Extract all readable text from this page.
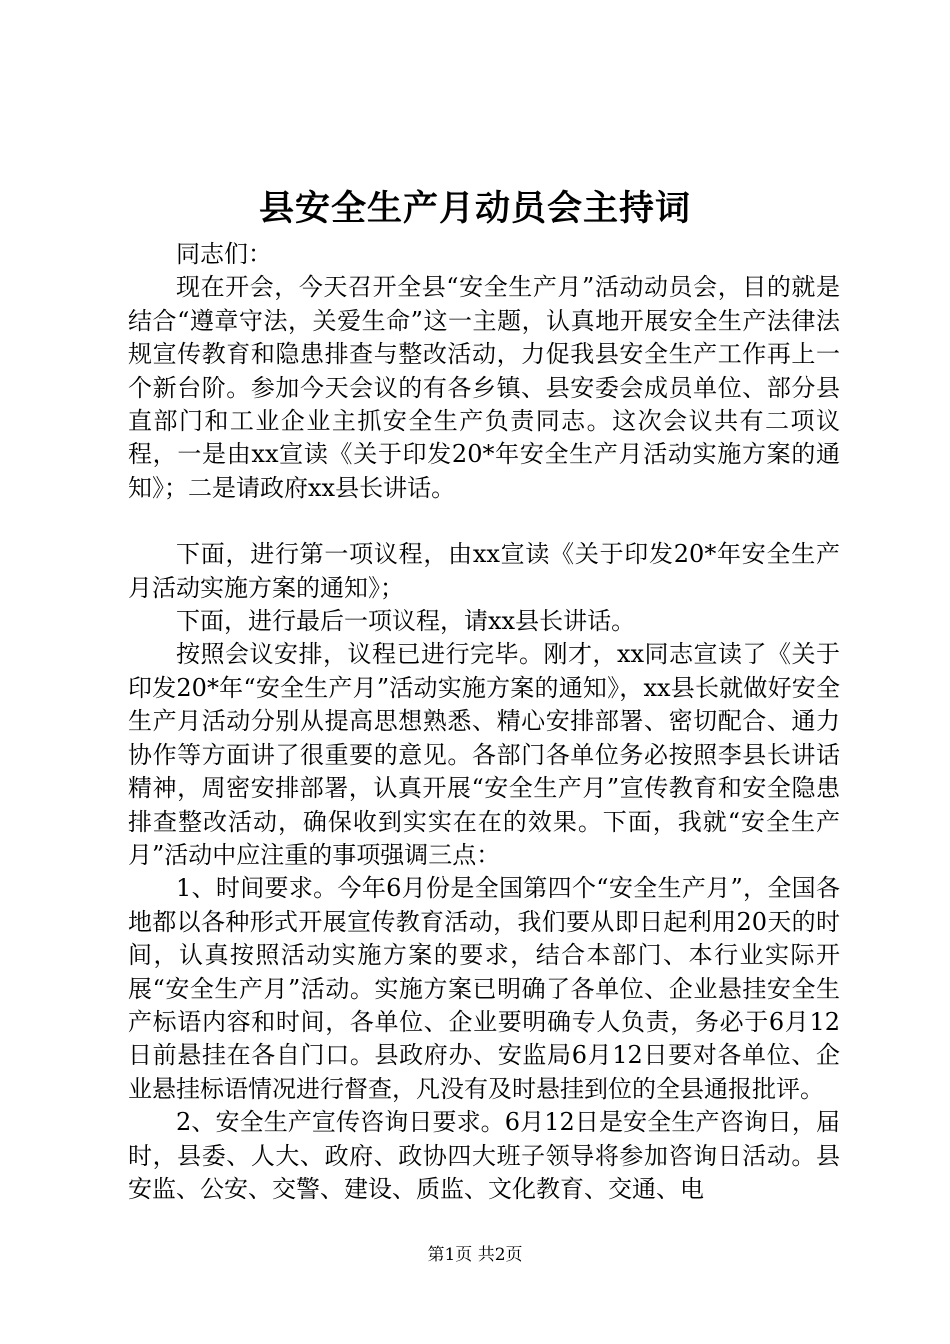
县安全生产月动员会主持词

同志们：

现在开会，今天召开全县“安全生产月”活动动员会，目的就是结合“遵章守法，关爱生命”这一主题，认真地开展安全生产法律法规宣传教育和隐患排查与整改活动，力促我县安全生产工作再上一个新台阶。参加今天会议的有各乡镇、县安委会成员单位、部分县直部门和工业企业主抓安全生产负责同志。这次会议共有二项议程，一是由xx宣读《关于印发20*年安全生产月活动实施方案的通知》；二是请政府xx县长讲话。

下面，进行第一项议程，由xx宣读《关于印发20*年安全生产月活动实施方案的通知》；

下面，进行最后一项议程，请xx县长讲话。

按照会议安排，议程已进行完毕。刚才，xx同志宣读了《关于印发20*年“安全生产月”活动实施方案的通知》，xx县长就做好安全生产月活动分别从提高思想熟悉、精心安排部署、密切配合、通力协作等方面讲了很重要的意见。各部门各单位务必按照李县长讲话精神，周密安排部署，认真开展“安全生产月”宣传教育和安全隐患排查整改活动，确保收到实实在在的效果。下面，我就“安全生产月”活动中应注重的事项强调三点：

1、时间要求。今年6月份是全国第四个“安全生产月”，全国各地都以各种形式开展宣传教育活动，我们要从即日起利用20天的时间，认真按照活动实施方案的要求，结合本部门、本行业实际开展“安全生产月”活动。实施方案已明确了各单位、企业悬挂安全生产标语内容和时间，各单位、企业要明确专人负责，务必于6月12日前悬挂在各自门口。县政府办、安监局6月12日要对各单位、企业悬挂标语情况进行督查，凡没有及时悬挂到位的全县通报批评。

2、安全生产宣传咨询日要求。6月12日是安全生产咨询日，届时，县委、人大、政府、政协四大班子领导将参加咨询日活动。县安监、公安、交警、建设、质监、文化教育、交通、电

第1页 共2页
